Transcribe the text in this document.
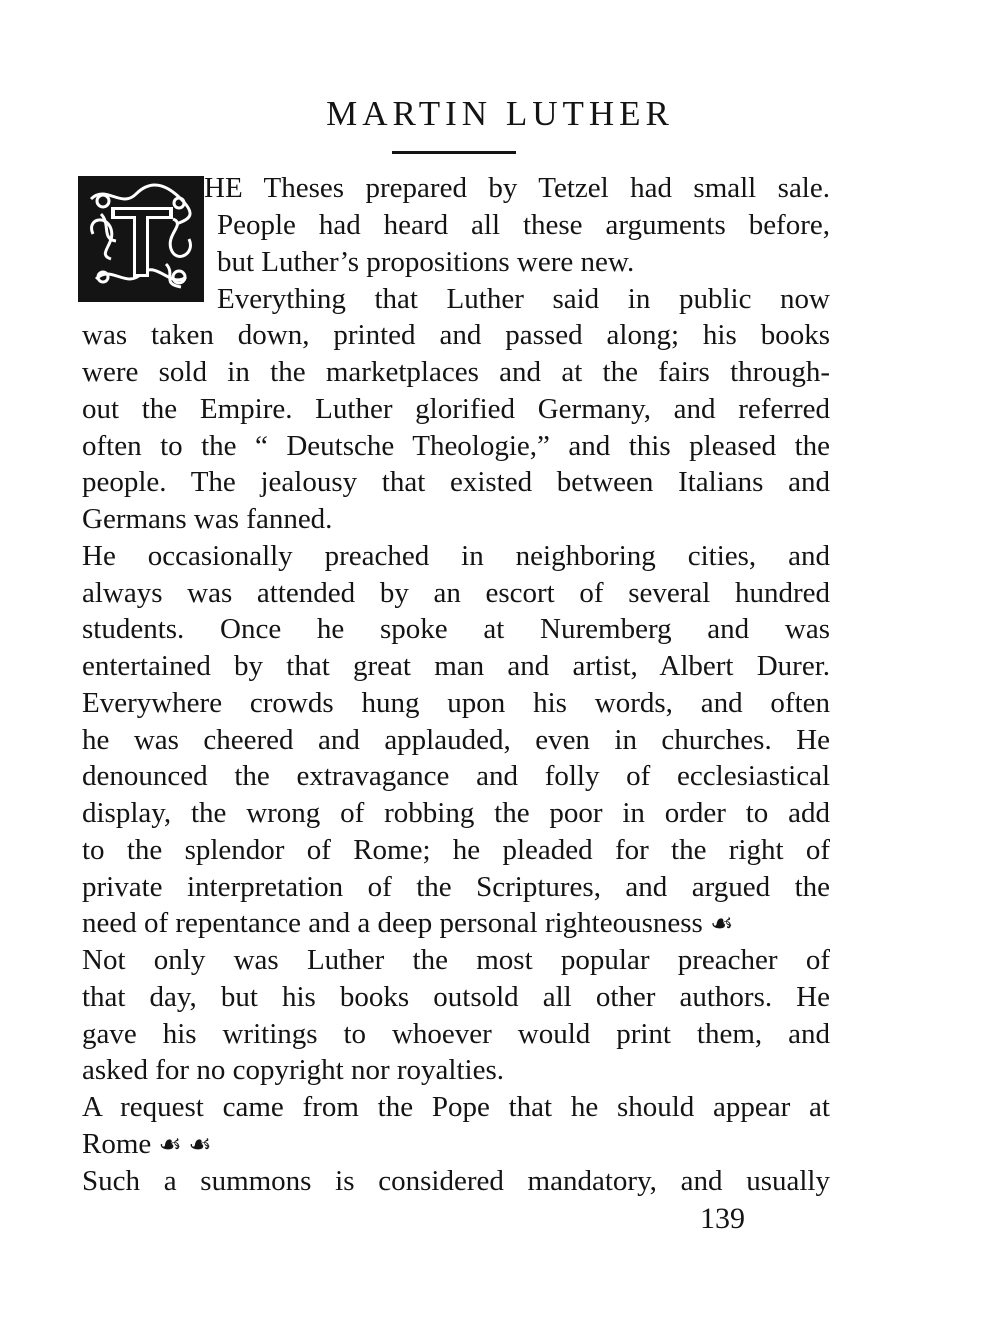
MARTIN LUTHER
HE Theses prepared by Tetzel had small sale.
People had heard all these arguments before,
but Luther’s propositions were new.
Everything that Luther said in public now
was taken down, printed and passed along; his books
were sold in the marketplaces and at the fairs through-
out the Empire. Luther glorified Germany, and referred
often to the “ Deutsche Theologie,” and this pleased the
people. The jealousy that existed between Italians and
Germans was fanned.
He occasionally preached in neighboring cities, and
always was attended by an escort of several hundred
students. Once he spoke at Nuremberg and was
entertained by that great man and artist, Albert Durer.
Everywhere crowds hung upon his words, and often
he was cheered and applauded, even in churches. He
denounced the extravagance and folly of ecclesiastical
display, the wrong of robbing the poor in order to add
to the splendor of Rome; he pleaded for the right of
private interpretation of the Scriptures, and argued the
need of repentance and a deep personal righteousness ☙
Not only was Luther the most popular preacher of
that day, but his books outsold all other authors. He
gave his writings to whoever would print them, and
asked for no copyright nor royalties.
A request came from the Pope that he should appear at
Rome ☙ ☙
Such a summons is considered mandatory, and usually
139
